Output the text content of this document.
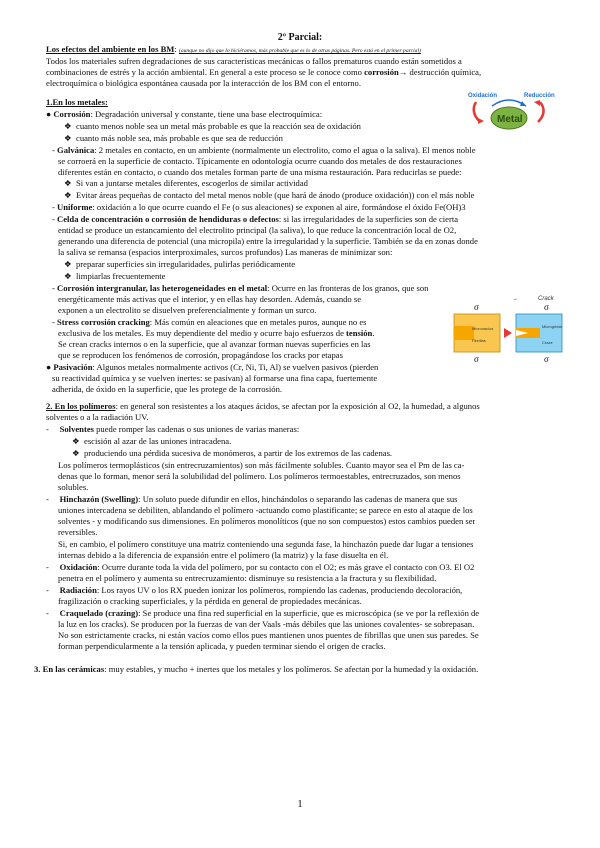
2º Parcial:
Los efectos del ambiente en los BM: (aunque no dijo que lo hiciéramos, más probable que es lo de otras páginas. Pero está en el primer parcial)
Todos los materiales sufren degradaciones de sus características mecánicas o fallos prematuros cuando están sometidos a
combinaciones de estrés y la acción ambiental. En general a este proceso se le conoce como corrosión→ destrucción química,
electroquímica o biológica espontánea causada por la interacción de los BM con el entorno.
Metal
Oxidación	Reducción
1.En los metales:
● Corrosión: Degradación universal y constante, tiene una base electroquímica:
❖ cuanto menos noble sea un metal más probable es que la reacción sea de oxidación
❖ cuanto más noble sea, más probable es que sea de reducción
- Galvánica: 2 metales en contacto, en un ambiente (normalmente un electrolito, como el agua o la saliva). El menos noble
se corroerá en la superficie de contacto. Típicamente en odontología ocurre cuando dos metales de dos restauraciones
diferentes están en contacto, o cuando dos metales forman parte de una misma restauración. Para reducirlas se puede:
❖ Si van a juntarse metales diferentes, escogerlos de similar actividad
❖ Evitar áreas pequeñas de contacto del metal menos noble (que hará de ánodo (produce oxidación)) con el más noble
- Uniforme: oxidación a lo que ocurre cuando el Fe (o sus aleaciones) se exponen al aire, formándose el óxido Fe(OH)3
- Celda de concentración o corrosión de hendiduras o defectos: si las irregularidades de la superficies son de cierta
entidad se produce un estancamiento del electrolito principal (la saliva), lo que reduce la concentración local de O2,
generando una diferencia de potencial (una micropila) entre la irregularidad y la superficie. También se da en zonas donde
la saliva se remansa (espacios interproximales, surcos profundos) Las maneras de minimizar son:
❖ preparar superficies sin irregularidades, pulirlas periódicamente
❖ limpiarlas frecuentemente
- Corrosión intergranular, las heterogeneidades en el metal: Ocurre en las fronteras de los granos, que son
energéticamente más activas que el interior, y en ellas hay desorden. Además, cuando se
exponen a un electrolito se disuelven preferencialmente y forman un surco.
- Stress corrosión cracking: Más común en aleaciones que en metales puros, aunque no es
exclusiva de los metales. Es muy dependiente del medio y ocurre bajo esfuerzos de tensión.
Se crean cracks internos o en la superficie, que al avanzar forman nuevas superficies en las
que se reproducen los fenómenos de corrosión, propagándose los cracks por etapas
● Pasivación: Algunos metales normalmente activos (Cr, Ni, Ti, Al) se vuelven pasivos (pierden
su reactividad química y se vuelven inertes: se pasivan) al formarse una fina capa, fuertemente
adherida, de óxido en la superficie, que les protege de la corrosión.
→	Crack
σ
σ
σ
σ
Microvacíos
Fibrillas
Microgrieta
Craze
2. En los polímeros: en general son resistentes a los ataques ácidos, se afectan por la exposición al O2, la humedad, a algunos
solventes o a la radiación UV.
-     Solventes puede romper las cadenas o sus uniones de varias maneras:
❖ escisión al azar de las uniones intracadena.
❖ produciendo una pérdida sucesiva de monómeros, a partir de los extremos de las cadenas.
Los polímeros termoplásticos (sin entrecruzamientos) son más fácilmente solubles. Cuanto mayor sea el Pm de las ca-
denas que lo forman, menor será la solubilidad del polímero. Los polímeros termoestables, entrecruzados, son menos
solubles.
-     Hinchazón (Swelling): Un soluto puede difundir en ellos, hinchándolos o separando las cadenas de manera que sus
uniones intercadena se debiliten, ablandando el polímero -actuando como plastificante; se parece en esto al ataque de los
solventes - y modificando sus dimensiones. En polímeros monolíticos (que no son compuestos) estos cambios pueden ser
reversibles.
Si, en cambio, el polímero constituye una matriz conteniendo una segunda fase, la hinchazón puede dar lugar a tensiones
internas debido a la diferencia de expansión entre el polímero (la matriz) y la fase disuelta en él.
-     Oxidación: Ocurre durante toda la vida del polímero, por su contacto con el O2; es más grave el contacto con O3. El O2
penetra en el polímero y aumenta su entrecruzamiento: disminuye su resistencia a la fractura y su flexibilidad.
-     Radiación: Los rayos UV o los RX pueden ionizar los polímeros, rompiendo las cadenas, produciendo decoloración,
fragilización o cracking superficiales, y la pérdida en general de propiedades mecánicas.
-     Craquelado (crazing): Se produce una fina red superficial en la superficie, que es microscópica (se ve por la reflexión de
la luz en los cracks). Se producen por la fuerzas de van der Vaals -más débiles que las uniones covalentes- se sobrepasan.
No son estrictamente cracks, ni están vacíos como ellos pues mantienen unos puentes de fibrillas que unen sus paredes. Se
forman perpendicularmente a la tensión aplicada, y pueden terminar siendo el origen de cracks.
3. En las cerámicas: muy estables, y mucho + inertes que los metales y los polímeros. Se afectan por la humedad y la oxidación.
1
